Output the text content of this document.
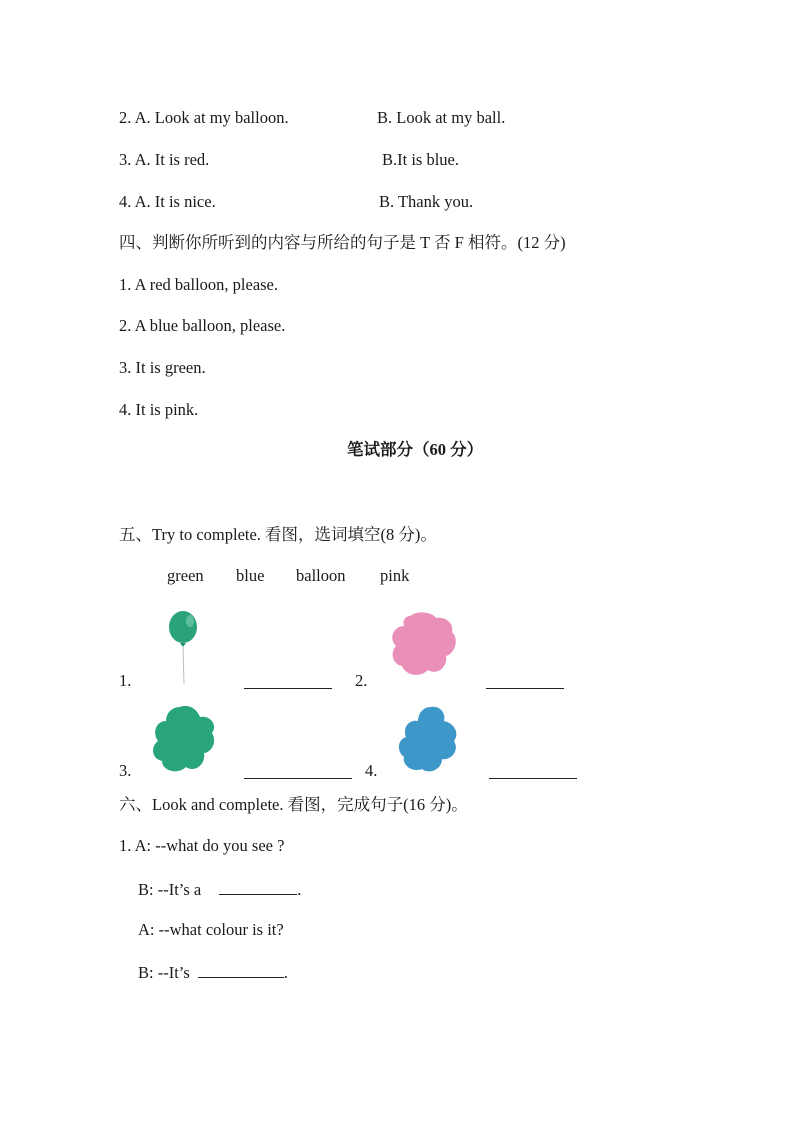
2. A. Look at my balloon.	B. Look at my ball.
3. A. It is red.	B.It is blue.
4. A. It is nice.	B. Thank you.
四、判断你所听到的内容与所给的句子是 T 否 F 相符。(12 分)
1. A red balloon, please.
2. A blue balloon, please.
3. It is green.
4. It is pink.
笔试部分（60 分）
五、Try to complete. 看图，选词填空(8 分)。
green blue balloon pink
1.	2.
3.	4.
六、Look and complete. 看图，完成句子(16 分)。
1. A: --what do you see ?
B: --It’s a	.
A: --what colour is it?
B: --It’s	.
